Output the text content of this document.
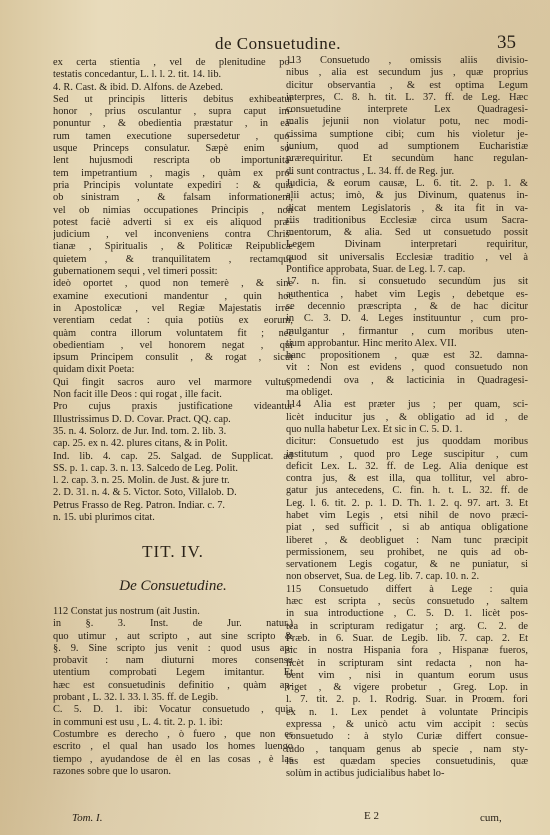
de Consuetudine.	35
ex certa stientia , vel de plenitudine po-
testatis concedantur, L. l. l. 2. tit. 14. lib.
4. R. Cast. & ibid. D. Alfons. de Azebed.
Sed ut principis litteris debitus exhibeatur
honor , prius osculantur , supra caput im-
ponuntur , & obedientia præstatur , in ea-
rum tamen executione supersedetur , quo-
usque Princeps consulatur. Sæpè enim so-
lent hujusmodi rescripta ob importunita-
tem impetrantium , magis , quàm ex pro-
pria Principis voluntate expediri : & quia
ob sinistram , & falsam informationem,
vel ob nimias occupationes Principis , non
potest faciè adverti si ex eis aliquod præ-
judicium , vel inconveniens contra Chris-
tianæ , Spiritualis , & Politicæ Reipublicæ
quietem , & tranquilitatem , rectamque
gubernationem sequi , vel timeri possit:
ideò oportet , quod non temerè , & sine
examine executioni mandentur , quin hoc
in Apostolicæ , vel Regiæ Majestatis irre-
verentiam cedat : quia potiùs ex eorum,
quàm contra illorum voluntatem fit ; nec
obedientiam , vel honorem negat , qui
ipsum Principem consulit , & rogat , sicut
quidam dixit Poeta:
Qui fingit sacros auro vel marmore vultus,
Non facit ille Deos : qui rogat , ille facit.
Pro cujus praxis justificatione videantur
Illustrissimus D. D. Covar. Pract. QQ. cap.
35. n. 4. Solorz. de Jur. Ind. tom. 2. lib. 3.
cap. 25. ex n. 42. plures citans, & in Polit.
Ind. lib. 4. cap. 25. Salgad. de Supplicat. ad
SS. p. 1. cap. 3. n. 13. Salcedo de Leg. Polit.
l. 2. cap. 3. n. 25. Molin. de Just. & jure tr.
2. D. 31. n. 4. & 5. Victor. Soto, Villalob. D.
Petrus Frasso de Reg. Patron. Indiar. c. 7.
n. 15. ubi plurimos citat.
TIT. IV.
De Consuetudine.
112 Constat jus nostrum (ait Justin.
in §. 3. Inst. de Jur. natur.)
quo utimur , aut scripto , aut sine scripto &
§. 9. Sine scripto jus venit : quod usus ap-
probavit : nam diuturni mores consensu
utentium comprobati Legem imitantur. Et
hæc est consuetudinis definitio , quàm ap-
probant , L. 32. l. 33. l. 35. ff. de Legib.
C. 5. D. 1. ibi: Vocatur consuetudo , quia
in communi est usu , L. 4. tit. 2. p. 1. ibi:
Costumbre es derecho , ò fuero , que non es
escrito , el qual han usado los homes luengo
tiempo , ayudandose de èl en las cosas , è las
razones sobre que lo usaron.
113 Consuetudo , omissis aliis divisio-
nibus , alia est secundum jus , quæ proprius
dicitur observantia , & est optima Legum
interpres, C. 8. h. tit. L. 37. ff. de Leg. Hæc
consuetudine interprete Lex Quadragesi-
malis jejunii non violatur potu, nec modi-
cissima sumptione cibi; cum his violetur je-
junium, quod ad sumptionem Eucharistiæ
prærequiritur. Et secundùm hanc regulan-
di sunt contractus , L. 34. ff. de Reg. jur.
Judicia, & eorum causæ, L. 6. tit. 2. p. 1. &
alii actus; imò, & jus Divinum, quatenus in-
dicat mentem Legislatoris , & ita fit in va-
riis traditionibus Ecclesiæ circa usum Sacra-
mentorum, & alia. Sed ut consuetudo possit
Legem Divinam interpretari requiritur,
quod sit universalis Ecclesiæ traditio , vel à
Pontifice approbata, Suar. de Leg. l. 7. cap.
17. n. fin. si consuetudo secundùm jus sit
authentica , habet vim Legis , debetque es-
se decennio præscripta , & de hac dicitur
in C. 3. D. 4. Leges instituuntur , cum pro-
mulgantur , firmantur , cum moribus uten-
tium approbantur. Hinc merito Alex. VII.
hanc propositionem , quæ est 32. damna-
vit : Non est evidens , quod consuetudo non
comedendi ova , & lacticinia in Quadragesi-
ma obliget.
114 Alia est præter jus ; per quam, sci-
licèt inducitur jus , & obligatio ad id , de
quo nulla habetur Lex. Et sic in C. 5. D. 1.
dicitur: Consuetudo est jus quoddam moribus
institutum , quod pro Lege suscipitur , cum
deficit Lex. L. 32. ff. de Leg. Alia denique est
contra jus, & est illa, qua tollitur, vel abro-
gatur jus antecedens, C. fin. h. t. L. 32. ff. de
Leg. l. 6. tit. 2. p. 1. D. Th. 1. 2. q. 97. art. 3. Et
habet vim Legis , etsi nihil de novo præci-
piat , sed sufficit , si ab antiqua obligatione
liberet , & deobliguet : Nam tunc præcipit
permissionem, seu prohibet, ne quis ad ob-
servationem Legis cogatur, & ne puniatur, si
non observet, Sua. de Leg. lib. 7. cap. 10. n. 2.
115 Consuetudo differt à Lege : quia
hæc est scripta , secùs consuetudo , saltem
in sua introductione , C. 5. D. 1. licèt pos-
tea in scripturam redigatur ; arg. C. 2. de
Præb. in 6. Suar. de Legib. lib. 7. cap. 2. Et
sic in nostra Hispania fora , Hispanæ fueros,
licèt in scripturam sint redacta , non ha-
bent vim , nisi in quantum eorum usus
viget , & vigere probetur , Greg. Lop. in
l. 7. tit. 2. p. 1. Rodrig. Suar. in Proœm. fori
ex n. 1. Lex pendet à voluntate Principis
expressa , & unicò actu vim accipit : secùs
consuetudo : à stylo Curiæ differt consue-
tudo , tanquam genus ab specie , nam sty-
lus est quædam species consuetudinis, quæ
solùm in actibus judicialibus habet lo-
Tom. I.	E 2	cum,
